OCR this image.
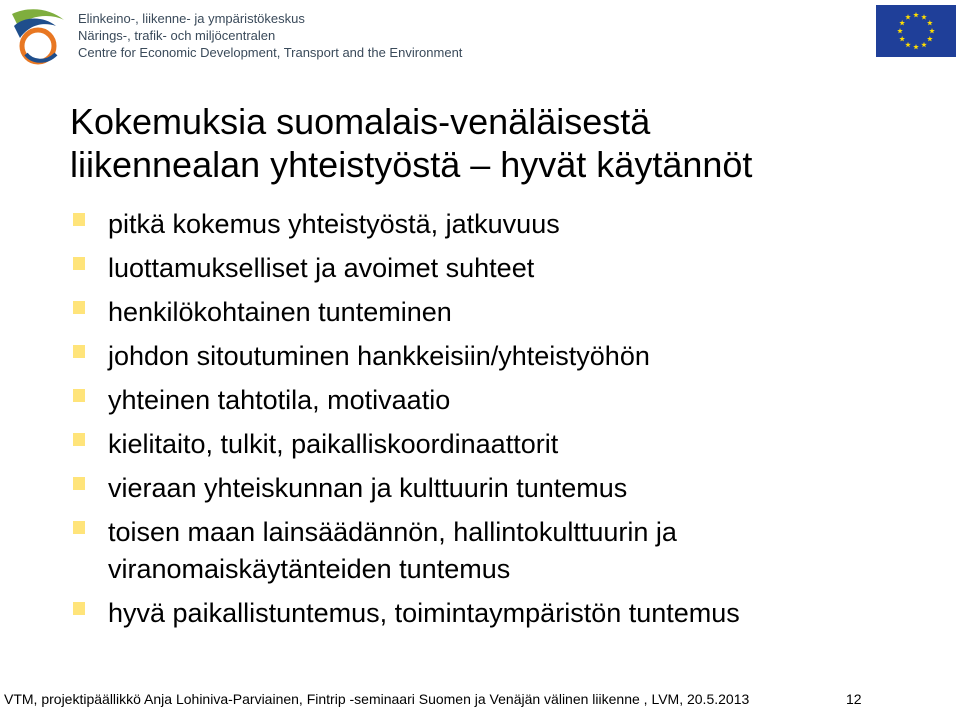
Elinkeino-, liikenne- ja ympäristökeskus
Närings-, trafik- och miljöcentralen
Centre for Economic Development, Transport and the Environment
Kokemuksia suomalais-venäläisestä
liikennealan yhteistyöstä – hyvät käytännöt
pitkä kokemus yhteistyöstä, jatkuvuus
luottamukselliset ja avoimet suhteet
henkilökohtainen tunteminen
johdon sitoutuminen hankkeisiin/yhteistyöhön
yhteinen tahtotila, motivaatio
kielitaito, tulkit, paikalliskoordinaattorit
vieraan yhteiskunnan ja kulttuurin tuntemus
toisen maan lainsäädännön, hallintokulttuurin ja viranomaiskäytänteiden tuntemus
hyvä paikallistuntemus, toimintaympäristön tuntemus
VTM, projektipäällikkö Anja Lohiniva-Parviainen, Fintrip -seminaari Suomen ja Venäjän välinen liikenne , LVM, 20.5.2013	12
